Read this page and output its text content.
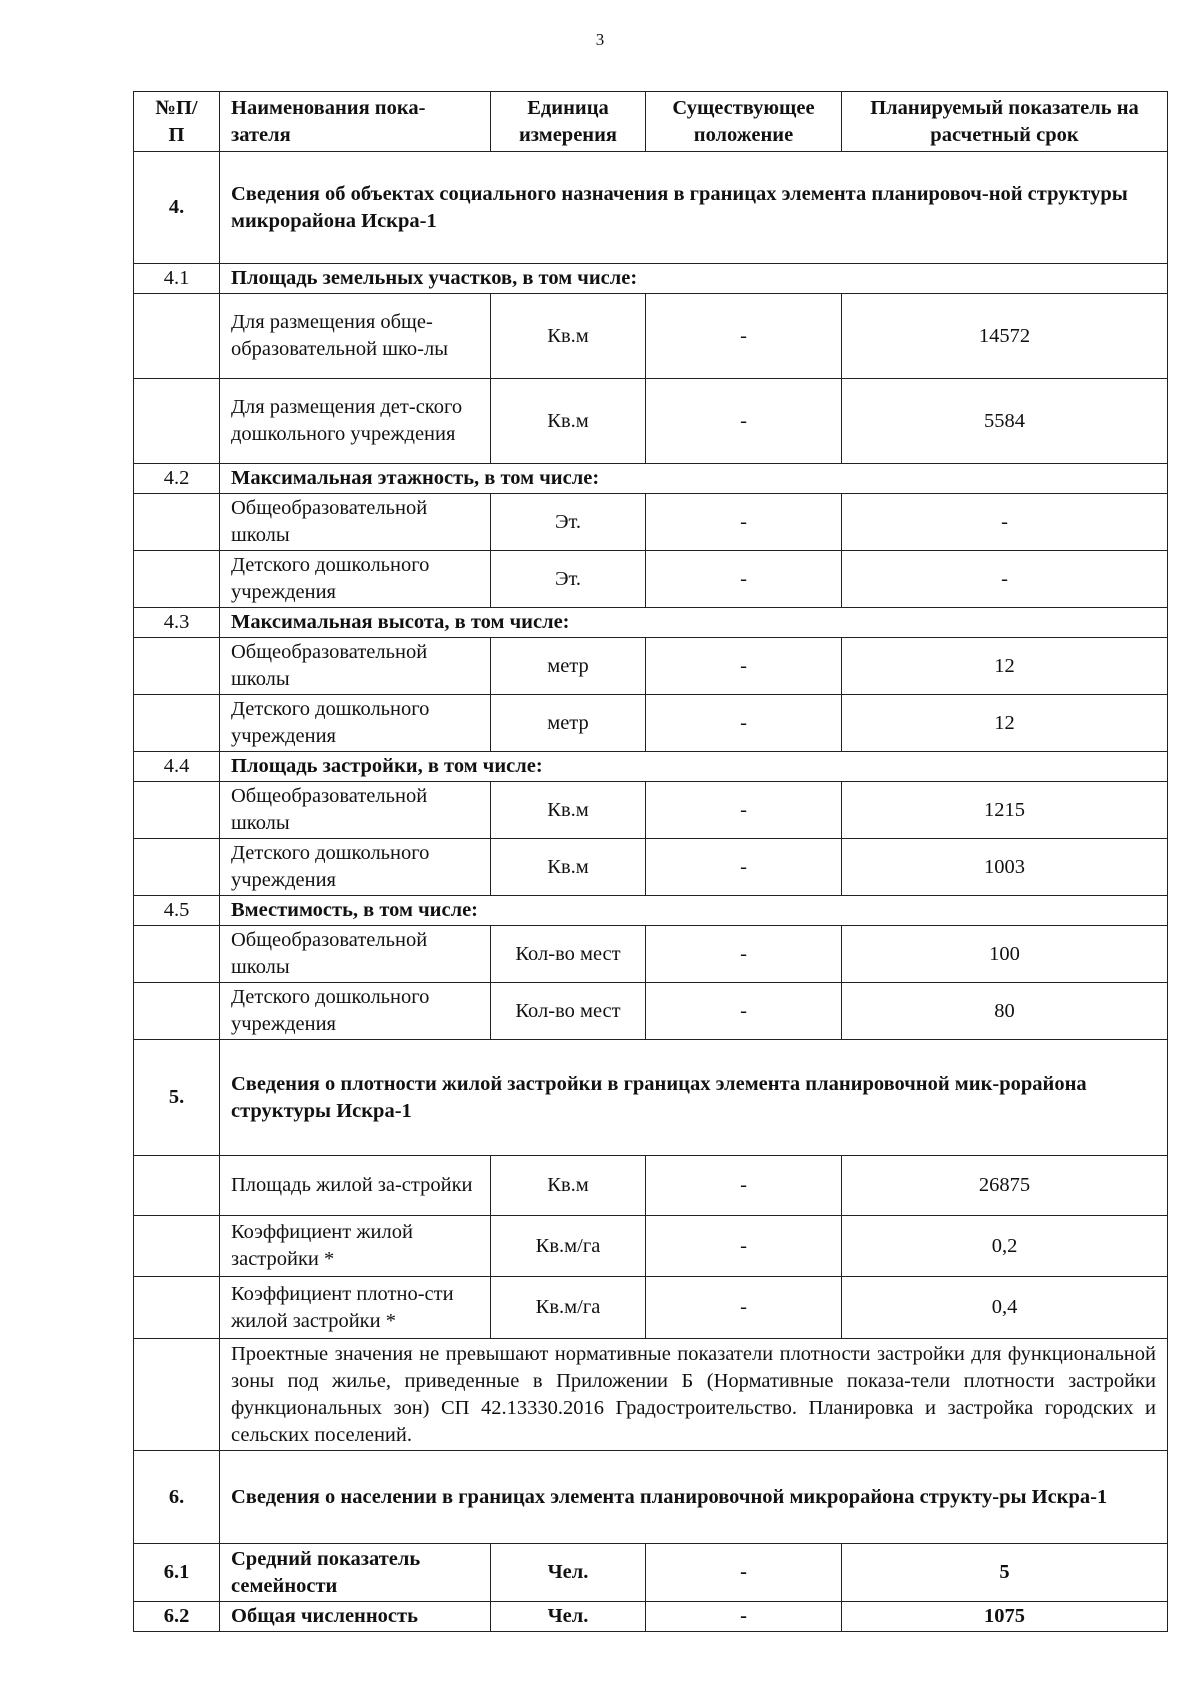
3
№П/П	Наименования пока-зателя	Единица измерения	Существующее положение	Планируемый показатель на расчетный срок
4.	Сведения об объектах социального назначения в границах элемента планировоч-ной структуры микрорайона Искра-1			
4.1	Площадь земельных участков, в том числе:			
	Для размещения обще-образовательной шко-лы	Кв.м	-	14572
	Для размещения дет-ского дошкольного учреждения	Кв.м	-	5584
4.2	Максимальная этажность, в том числе:			
	Общеобразовательной школы	Эт.	-	-
	Детского дошкольного учреждения	Эт.	-	-
4.3	Максимальная высота, в том числе:			
	Общеобразовательной школы	метр	-	12
	Детского дошкольного учреждения	метр	-	12
4.4	Площадь застройки, в том числе:			
	Общеобразовательной школы	Кв.м	-	1215
	Детского дошкольного учреждения	Кв.м	-	1003
4.5	Вместимость, в том числе:			
	Общеобразовательной школы	Кол-во мест	-	100
	Детского дошкольного учреждения	Кол-во мест	-	80
5.	Сведения о плотности жилой застройки в границах элемента планировочной мик-рорайона структуры Искра-1			
	Площадь жилой за-стройки	Кв.м	-	26875
	Коэффициент жилой застройки *	Кв.м/га	-	0,2
	Коэффициент плотно-сти жилой застройки *	Кв.м/га	-	0,4
	Проектные значения не превышают нормативные показатели плотности застройки для функциональной зоны под жилье, приведенные в Приложении Б (Нормативные показа-тели плотности застройки функциональных зон) СП 42.13330.2016 Градостроительство. Планировка и застройка городских и сельских поселений.			
6.	Сведения о населении в границах элемента планировочной микрорайона структу-ры Искра-1			
6.1	Средний показатель семейности	Чел.	-	5
6.2	Общая численность	Чел.	-	1075
